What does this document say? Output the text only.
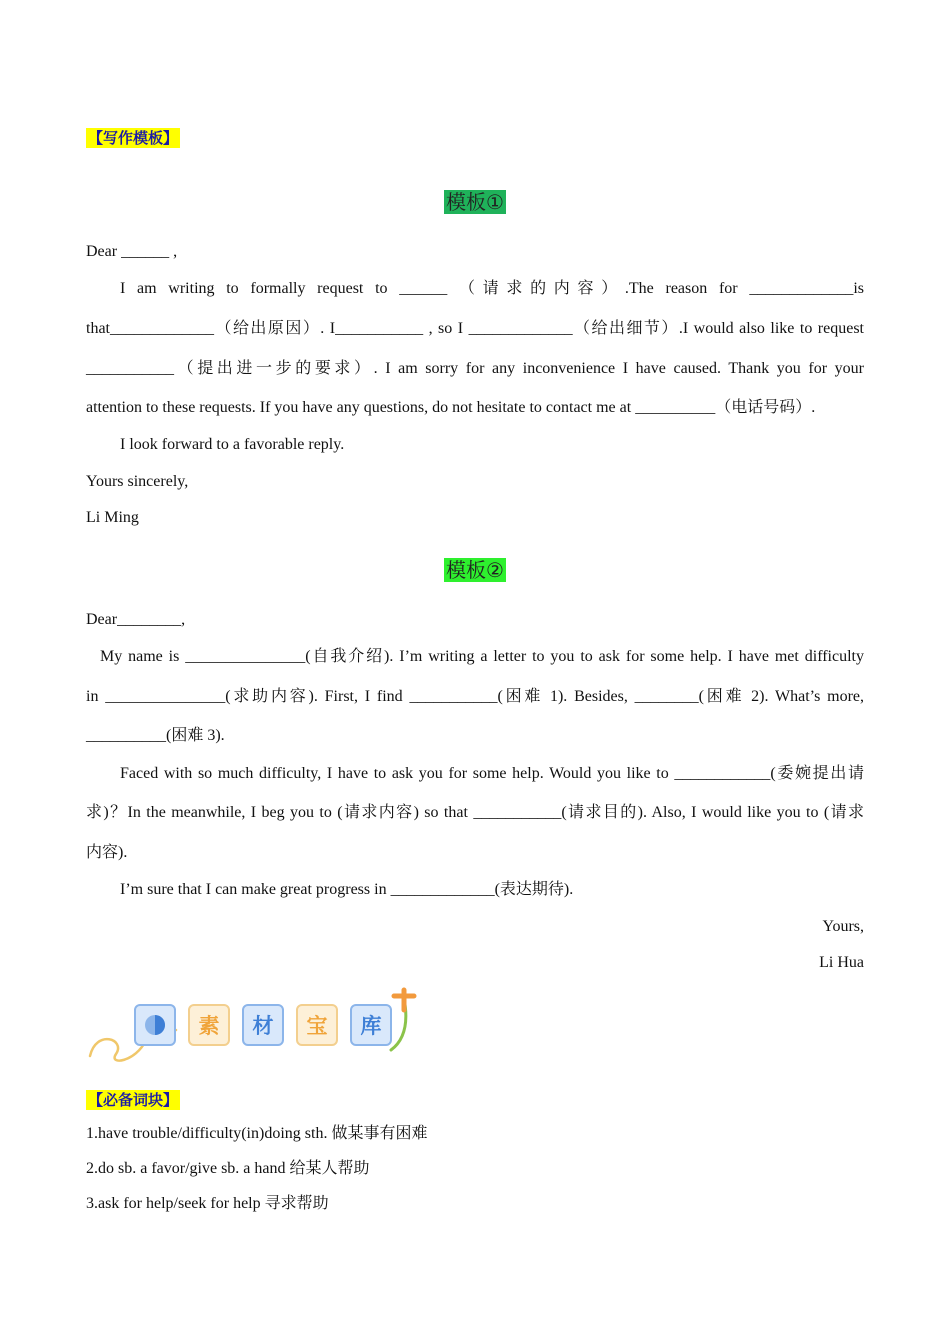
【写作模板】
模板①
Dear ______ ,
I am writing to formally request to ______ （请求的内容）.The reason for _____________is
that_____________（给出原因）. I___________ , so I _____________（给出细节）.I would also like to request
___________（提出进一步的要求）. I am sorry for any inconvenience I have caused. Thank you for your
attention to these requests. If you have any questions, do not hesitate to contact me at __________（电话号码）.
I look forward to a favorable reply.
Yours sincerely,
Li Ming
模板②
Dear________,
My name is _______________(自我介绍). I’m writing a letter to you to ask for some help. I have met difficulty
in _______________(求助内容). First, I find ___________(困难 1). Besides, ________(困难 2). What’s more,
__________(困难 3).
Faced with so much difficulty, I have to ask you for some help. Would you like to ____________(委婉提出请
求)？In the meanwhile, I beg you to (请求内容) so that ___________(请求目的). Also, I would like you to (请求
内容).
I’m sure that I can make great progress in _____________(表达期待).
Yours,
Li Hua
素	材	宝	库
【必备词块】
1.have trouble/difficulty(in)doing sth. 做某事有困难
2.do sb. a favor/give sb. a hand 给某人帮助
3.ask for help/seek for help 寻求帮助
